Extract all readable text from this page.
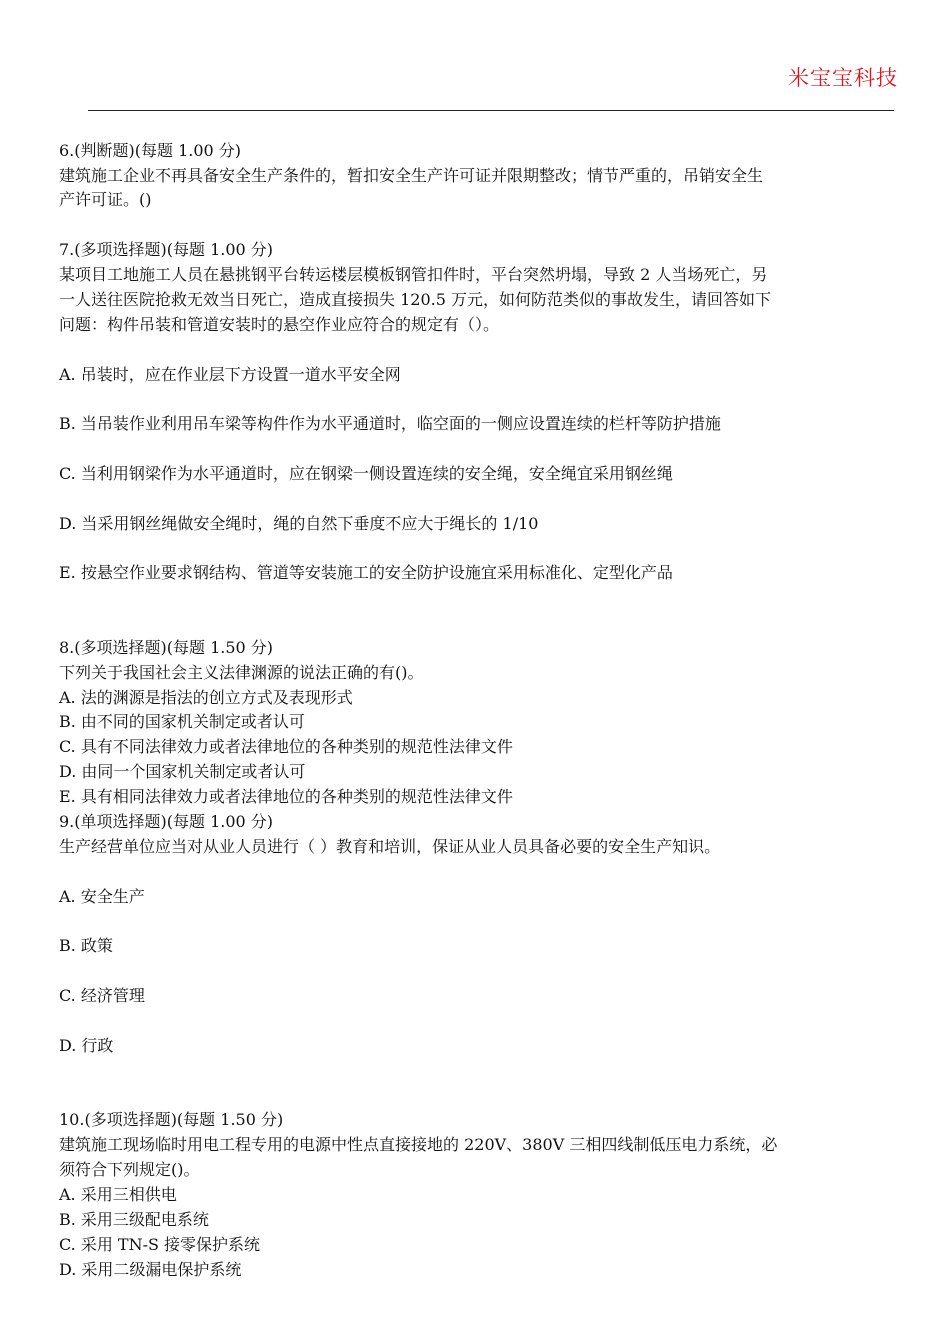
米宝宝科技
6.(判断题)(每题 1.00 分)
建筑施工企业不再具备安全生产条件的，暂扣安全生产许可证并限期整改；情节严重的，吊销安全生
产许可证。()
7.(多项选择题)(每题 1.00 分)
某项目工地施工人员在悬挑钢平台转运楼层模板钢管扣件时，平台突然坍塌，导致 2 人当场死亡，另
一人送往医院抢救无效当日死亡，造成直接损失 120.5 万元，如何防范类似的事故发生，请回答如下
问题：构件吊装和管道安装时的悬空作业应符合的规定有（）。
A. 吊装时，应在作业层下方设置一道水平安全网
B. 当吊装作业利用吊车梁等构件作为水平通道时，临空面的一侧应设置连续的栏杆等防护措施
C. 当利用钢梁作为水平通道时，应在钢梁一侧设置连续的安全绳，安全绳宜采用钢丝绳
D. 当采用钢丝绳做安全绳时，绳的自然下垂度不应大于绳长的 1/10
E. 按悬空作业要求钢结构、管道等安装施工的安全防护设施宜采用标准化、定型化产品
8.(多项选择题)(每题 1.50 分)
下列关于我国社会主义法律渊源的说法正确的有()。
A. 法的渊源是指法的创立方式及表现形式
B. 由不同的国家机关制定或者认可
C. 具有不同法律效力或者法律地位的各种类别的规范性法律文件
D. 由同一个国家机关制定或者认可
E. 具有相同法律效力或者法律地位的各种类别的规范性法律文件
9.(单项选择题)(每题 1.00 分)
生产经营单位应当对从业人员进行（ ）教育和培训，保证从业人员具备必要的安全生产知识。
A. 安全生产
B. 政策
C. 经济管理
D. 行政
10.(多项选择题)(每题 1.50 分)
建筑施工现场临时用电工程专用的电源中性点直接接地的 220V、380V 三相四线制低压电力系统，必
须符合下列规定()。
A. 采用三相供电
B. 采用三级配电系统
C. 采用 TN-S 接零保护系统
D. 采用二级漏电保护系统
